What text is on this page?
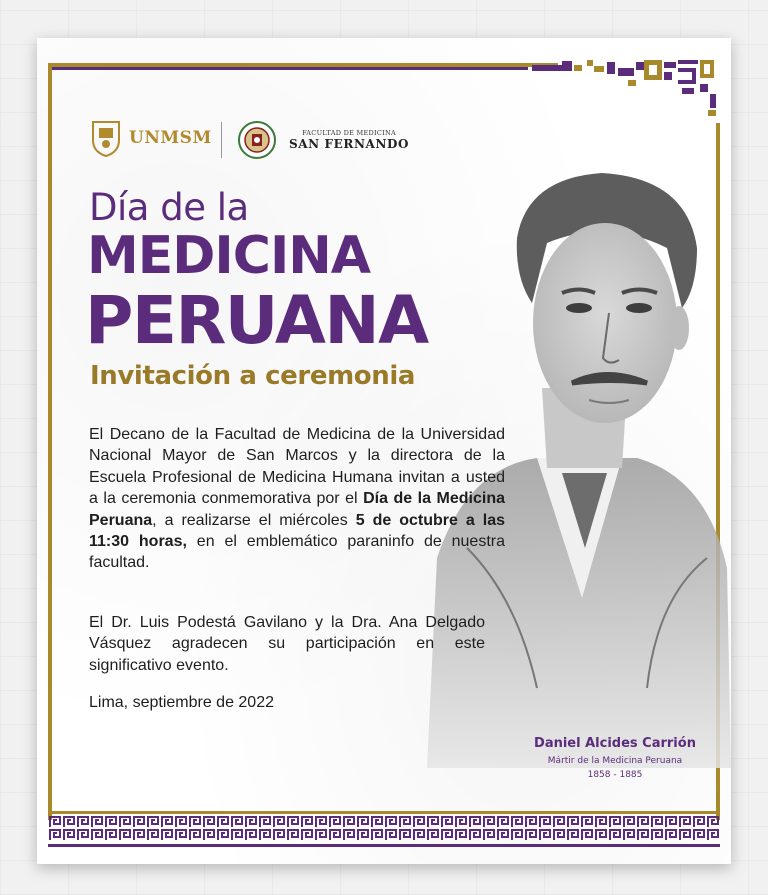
UNMSM	FACULTAD DE MEDICINA
SAN FERNANDO
Día de la
MEDICINA
PERUANA
Invitación a ceremonia

El Decano de la Facultad de Medicina de la Universidad Nacional Mayor de San Marcos y la directora de la Escuela Profesional de Medicina Humana invitan a usted a la ceremonia conmemorativa por el Día de la Medicina Peruana, a realizarse el miércoles 5 de octubre a las 11:30 horas, en el emblemático paraninfo de nuestra facultad.

El Dr. Luis Podestá Gavilano y la Dra. Ana Delgado Vásquez agradecen su participación en este significativo evento.

Lima, septiembre de 2022

Daniel Alcides Carrión
Mártir de la Medicina Peruana
1858 - 1885
